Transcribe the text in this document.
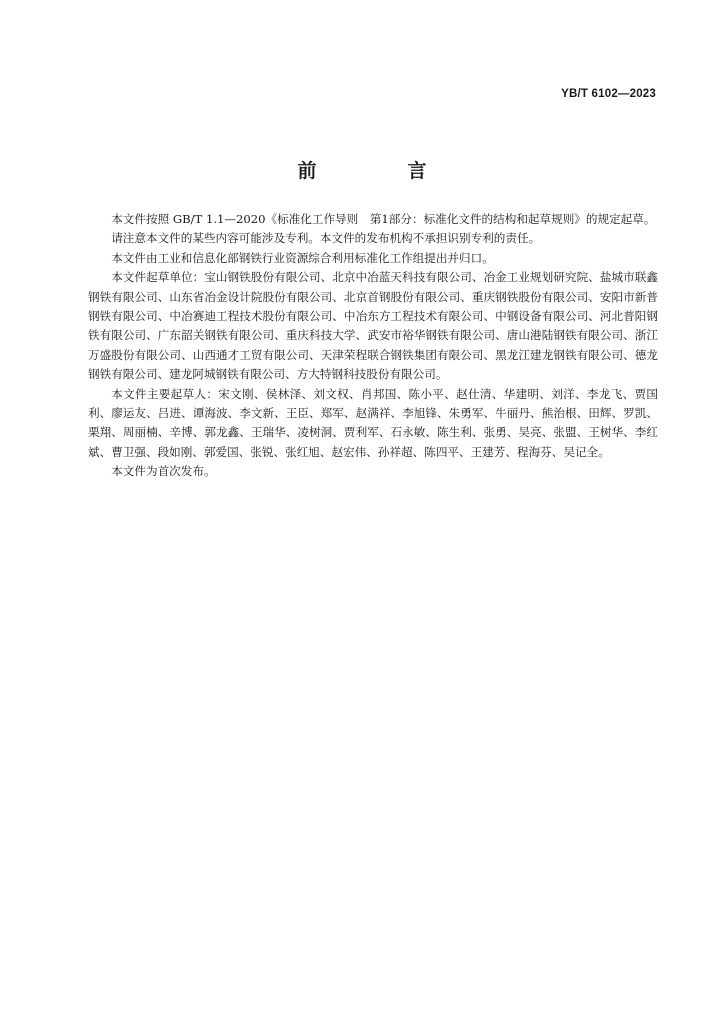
YB/T 6102—2023
前　言

本文件按照 GB/T 1.1—2020《标准化工作导则　第1部分：标准化文件的结构和起草规则》的规定起草。

请注意本文件的某些内容可能涉及专利。本文件的发布机构不承担识别专利的责任。

本文件由工业和信息化部钢铁行业资源综合利用标准化工作组提出并归口。

本文件起草单位：宝山钢铁股份有限公司、北京中冶蓝天科技有限公司、冶金工业规划研究院、盐城市联鑫钢铁有限公司、山东省冶金设计院股份有限公司、北京首钢股份有限公司、重庆钢铁股份有限公司、安阳市新普钢铁有限公司、中冶赛迪工程技术股份有限公司、中冶东方工程技术有限公司、中钢设备有限公司、河北普阳钢铁有限公司、广东韶关钢铁有限公司、重庆科技大学、武安市裕华钢铁有限公司、唐山港陆钢铁有限公司、浙江万盛股份有限公司、山西通才工贸有限公司、天津荣程联合钢铁集团有限公司、黑龙江建龙钢铁有限公司、德龙钢铁有限公司、建龙阿城钢铁有限公司、方大特钢科技股份有限公司。

本文件主要起草人：宋文刚、侯林泽、刘文权、肖邦国、陈小平、赵仕清、华建明、刘洋、李龙飞、贾国利、廖运友、吕进、谭海波、李文新、王臣、郑军、赵满祥、李旭锋、朱勇军、牛丽丹、熊治根、田辉、罗凯、栗翔、周丽楠、辛博、郭龙鑫、王瑞华、凌树洞、贾利军、石永敏、陈生利、张勇、吴亮、张盟、王树华、李红斌、曹卫强、段如刚、郭爱国、张锐、张红旭、赵宏伟、孙祥超、陈四平、王建芳、程海芬、吴记全。

本文件为首次发布。
